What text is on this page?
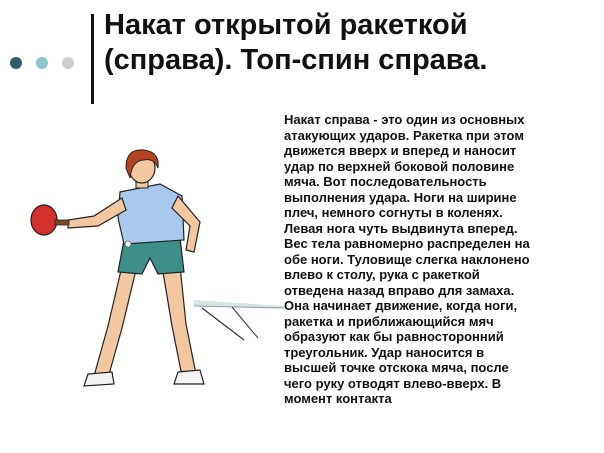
Накат открытой ракеткой
(справа). Топ-спин справа.
Накат справа - это один из основных
атакующих ударов. Ракетка при этом
движется вверх и вперед и наносит
удар по верхней боковой половине
мяча. Вот последовательность
выполнения удара. Ноги на ширине
плеч, немного согнуты в коленях.
Левая нога чуть выдвинута вперед.
Вес тела равномерно распределен на
обе ноги. Туловище слегка наклонено
влево к столу, рука с ракеткой
отведена назад вправо для замаха.
Она начинает движение, когда ноги,
ракетка и приближающийся мяч
образуют как бы равносторонний
треугольник. Удар наносится в
высшей точке отскока мяча, после
чего руку отводят влево-вверх. В
момент контакта
